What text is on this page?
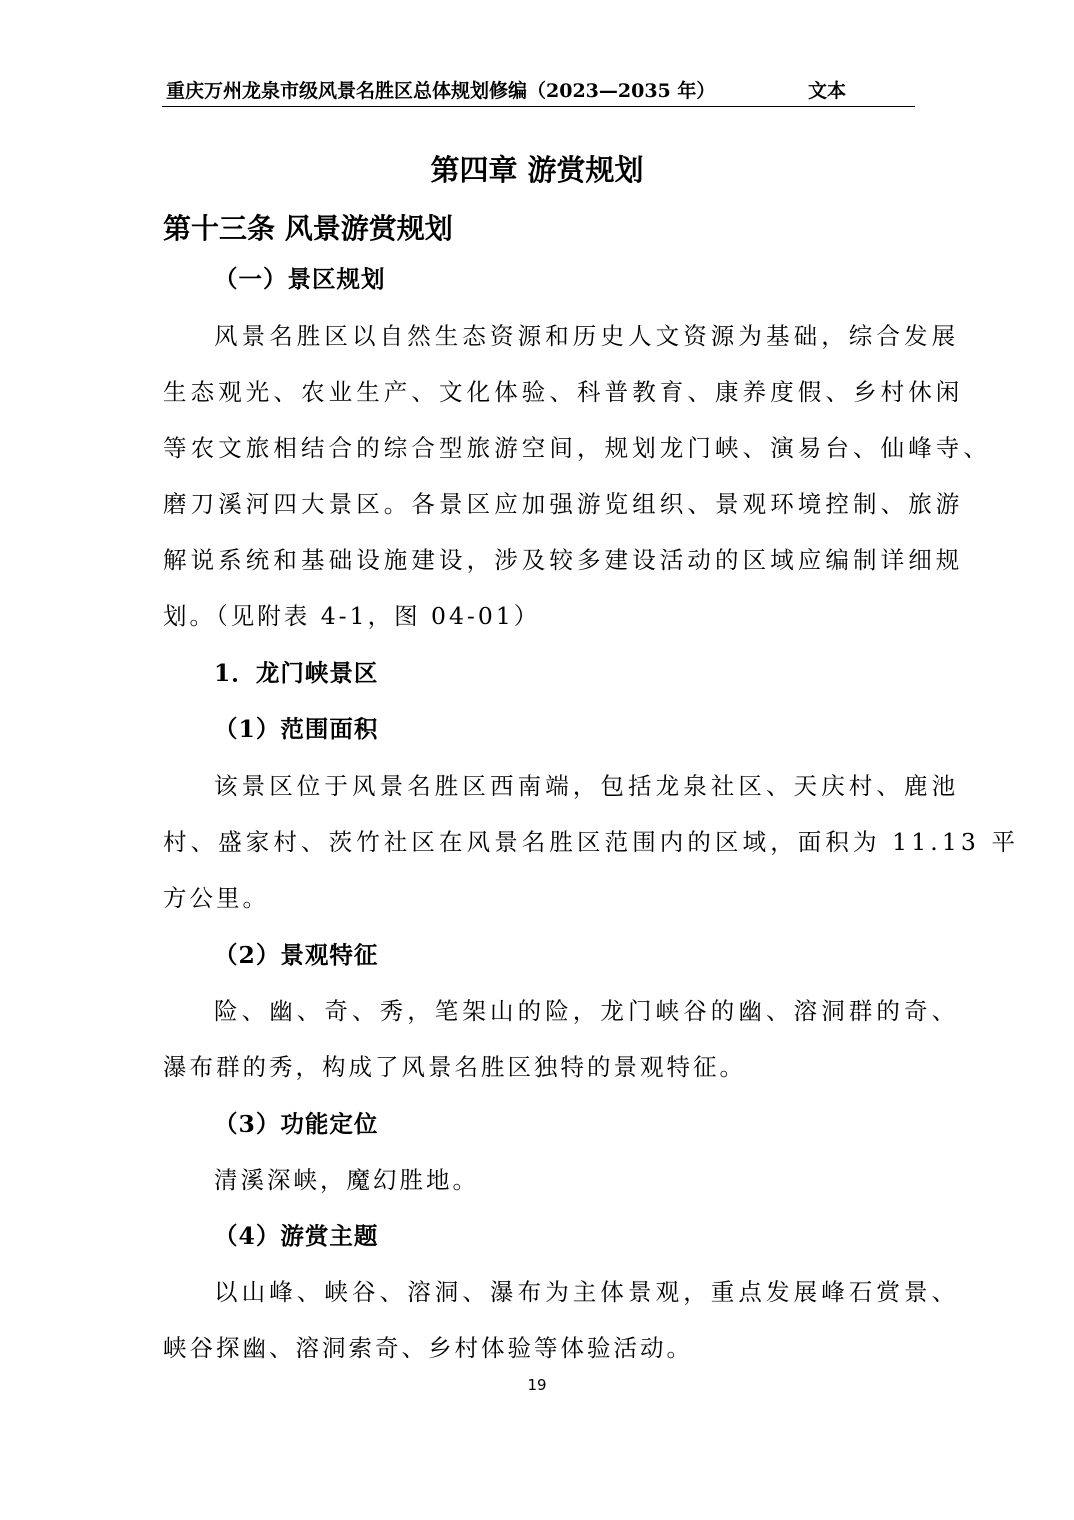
重庆万州龙泉市级风景名胜区总体规划修编（2023—2035 年）	文本
第四章 游赏规划
第十三条 风景游赏规划
（一）景区规划
风景名胜区以自然生态资源和历史人文资源为基础，综合发展
生态观光、农业生产、文化体验、科普教育、康养度假、乡村休闲
等农文旅相结合的综合型旅游空间，规划龙门峡、演易台、仙峰寺、
磨刀溪河四大景区。各景区应加强游览组织、景观环境控制、旅游
解说系统和基础设施建设，涉及较多建设活动的区域应编制详细规
划。（见附表 4-1，图 04-01）
1．龙门峡景区
（1）范围面积
该景区位于风景名胜区西南端，包括龙泉社区、天庆村、鹿池
村、盛家村、茨竹社区在风景名胜区范围内的区域，面积为 11.13 平
方公里。
（2）景观特征
险、幽、奇、秀，笔架山的险，龙门峡谷的幽、溶洞群的奇、
瀑布群的秀，构成了风景名胜区独特的景观特征。
（3）功能定位
清溪深峡，魔幻胜地。
（4）游赏主题
以山峰、峡谷、溶洞、瀑布为主体景观，重点发展峰石赏景、
峡谷探幽、溶洞索奇、乡村体验等体验活动。
19
